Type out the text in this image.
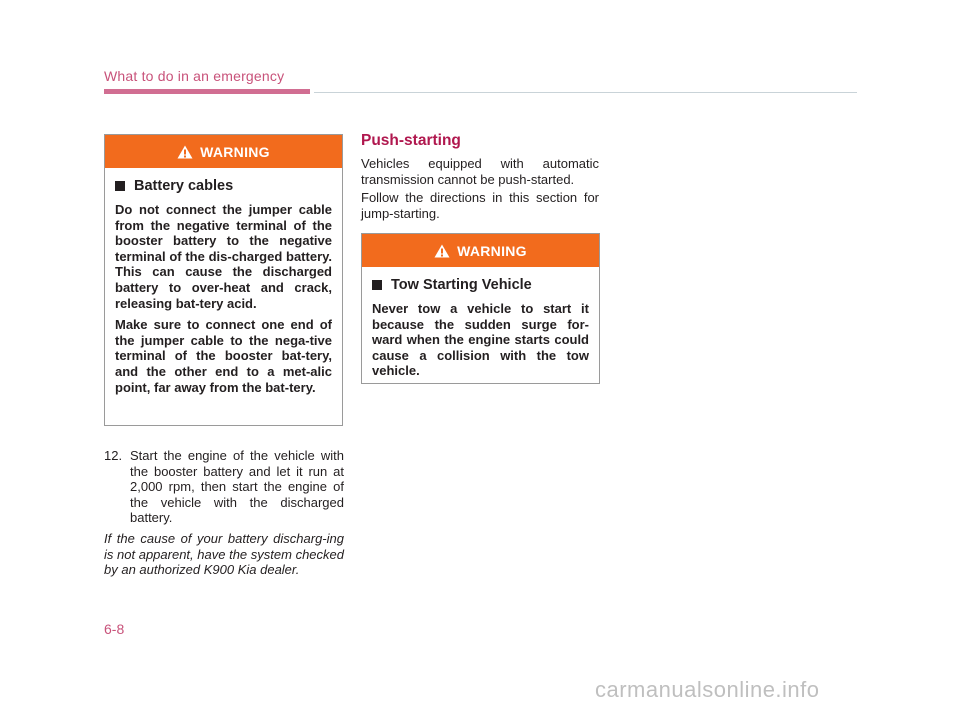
What to do in an emergency
WARNING
Battery cables

Do not connect the jumper cable from the negative terminal of the booster battery to the negative terminal of the dis-charged battery. This can cause the discharged battery to over-heat and crack, releasing bat-tery acid.

Make sure to connect one end of the jumper cable to the nega-tive terminal of the booster bat-tery, and the other end to a met-alic point, far away from the bat-tery.

12. Start the engine of the vehicle with the booster battery and let it run at 2,000 rpm, then start the engine of the vehicle with the discharged battery.
If the cause of your battery discharg-ing is not apparent, have the system checked by an authorized K900 Kia dealer.
Push-starting

Vehicles equipped with automatic transmission cannot be push-started.

Follow the directions in this section for jump-starting.

WARNING
Tow Starting Vehicle

Never tow a vehicle to start it because the sudden surge for-ward when the engine starts could cause a collision with the tow vehicle.

6-8
carmanualsonline.info
